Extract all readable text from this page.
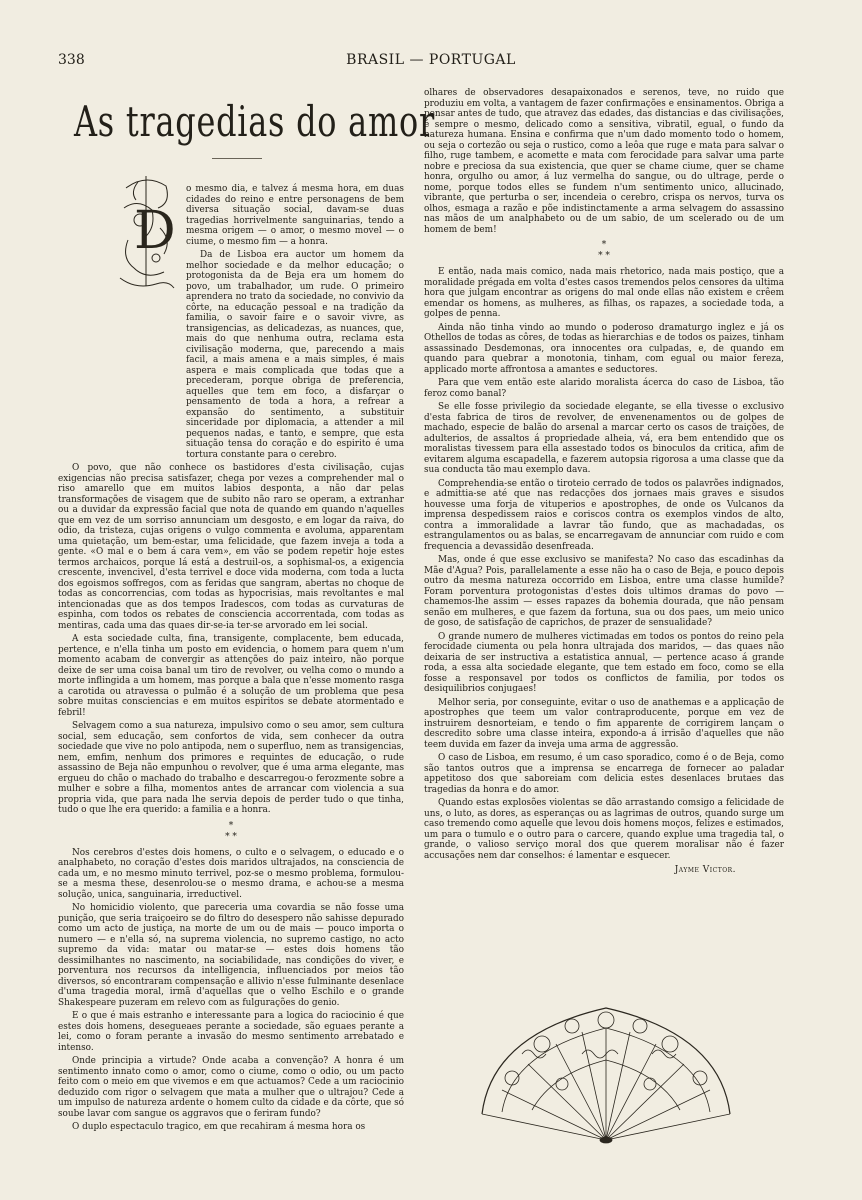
338	BRASIL — PORTUGAL
As tragedias do amor
D

o mesmo dia, e talvez á mesma hora, em duas cidades do reino e entre personagens de bem diversa situação social, davam-se duas tragedias horrivelmente sanguinarias, tendo a mesma origem — o amor, o mesmo movel — o ciume, o mesmo fim — a honra.

Da de Lisboa era auctor um homem da melhor sociedade e da melhor educação; o protogonista da de Beja era um homem do povo, um trabalhador, um rude. O primeiro aprendera no trato da sociedade, no convivio da côrte, na educação pessoal e na tradição da familia, o savoir faire e o savoir vivre, as transigencias, as delicadezas, as nuances, que, mais do que nenhuma outra, reclama esta civilisação moderna, que, parecendo a mais facil, a mais amena e a mais simples, é mais aspera e mais complicada que todas que a precederam, porque obriga de preferencia, aquelles que tem em foco, a disfarçar o pensamento de toda a hora, a refrear a expansão do sentimento, a substituir sinceridade por diplomacia, a attender a mil pequenos nadas, e tanto, e sempre, que esta situação tensa do coração e do espirito é uma tortura constante para o cerebro.

O povo, que não conhece os bastidores d'esta civilisação, cujas exigencias não precisa satisfazer, chega por vezes a comprehender mal o riso amarello que em muitos labios desponta, a não dar pelas transformações de visagem que de subito não raro se operam, a extranhar ou a duvidar da expressão facial que nota de quando em quando n'aquelles que em vez de um sorriso annunciam um desgosto, e em logar da raiva, do odio, da tristeza, cujas origens o vulgo commenta e avoluma, apparentam uma quietação, um bem-estar, uma felicidade, que fazem inveja a toda a gente. «O mal e o bem á cara vem», em vão se podem repetir hoje estes termos archaicos, porque lá está a destruil-os, a sophismal-os, a exigencia crescente, invencivel, d'esta terrivel e doce vida moderna, com toda a lucta dos egoismos soffregos, com as feridas que sangram, abertas no choque de todas as concorrencias, com todas as hypocrisias, mais revoltantes e mal intencionadas que as dos tempos Iradescos, com todas as curvaturas de espinha, com todos os rebates de consciencia accorrentada, com todas as mentiras, cada uma das quaes dir-se-ia ter-se arvorado em lei social.

A esta sociedade culta, fina, transigente, complacente, bem educada, pertence, e n'ella tinha um posto em evidencia, o homem para quem n'um momento acabam de convergir as attenções do paiz inteiro, não porque deixe de ser uma coisa banal um tiro de revolver, ou velha como o mundo a morte inflingida a um homem, mas porque a bala que n'esse momento rasga a carotida ou atravessa o pulmão é a solução de um problema que pesa sobre muitas consciencias e em muitos espiritos se debate atormentado e febril!

Selvagem como a sua natureza, impulsivo como o seu amor, sem cultura social, sem educação, sem confortos de vida, sem conhecer da outra sociedade que vive no polo antipoda, nem o superfluo, nem as transigencias, nem, emfim, nenhum dos primores e requintes de educação, o rude assassino de Beja não empunhou o revolver, que é uma arma elegante, mas ergueu do chão o machado do trabalho e descarregou-o ferozmente sobre a mulher e sobre a filha, momentos antes de arrancar com violencia a sua propria vida, que para nada lhe servia depois de perder tudo o que tinha, tudo o que lhe era querido: a familia e a honra.

*
* *

Nos cerebros d'estes dois homens, o culto e o selvagem, o educado e o analphabeto, no coração d'estes dois maridos ultrajados, na consciencia de cada um, e no mesmo minuto terrivel, poz-se o mesmo problema, formulou-se a mesma these, desenrolou-se o mesmo drama, e achou-se a mesma solução, unica, sanguinaria, irreductivel.

No homicidio violento, que pareceria uma covardia se não fosse uma punição, que seria traiçoeiro se do filtro do desespero não sahisse depurado como um acto de justiça, na morte de um ou de mais — pouco importa o numero — e n'ella só, na suprema violencia, no supremo castigo, no acto supremo da vida: matar ou matar-se — estes dois homens tão dessimilhantes no nascimento, na sociabilidade, nas condições do viver, e porventura nos recursos da intelligencia, influenciados por meios tão diversos, só encontraram compensação e allivio n'esse fulminante desenlace d'uma tragedia moral, irmã d'aquellas que o velho Eschilo e o grande Shakespeare puzeram em relevo com as fulgurações do genio.

E o que é mais estranho e interessante para a logica do raciocinio é que estes dois homens, desegueaes perante a sociedade, são eguaes perante a lei, como o foram perante a invasão do mesmo sentimento arrebatado e intenso.

Onde principia a virtude? Onde acaba a convenção? A honra é um sentimento innato como o amor, como o ciume, como o odio, ou um pacto feito com o meio em que vivemos e em que actuamos? Cede a um raciocinio deduzido com rigor o selvagem que mata a mulher que o ultrajou? Cede a um impulso de natureza ardente o homem culto da cidade e da côrte, que só soube lavar com sangue os aggravos que o feriram fundo?

O duplo espectaculo tragico, em que recahiram á mesma hora os

olhares de observadores desapaixonados e serenos, teve, no ruido que produziu em volta, a vantagem de fazer confirmações e ensinamentos. Obriga a pensar antes de tudo, que atravez das edades, das distancias e das civilisações, é sempre o mesmo, delicado como a sensitiva, vibratil, egual, o fundo da natureza humana. Ensina e confirma que n'um dado momento todo o homem, ou seja o cortezão ou seja o rustico, como a leôa que ruge e mata para salvar o filho, ruge tambem, e acomette e mata com ferocidade para salvar uma parte nobre e preciosa da sua existencia, que quer se chame ciume, quer se chame honra, orgulho ou amor, á luz vermelha do sangue, ou do ultrage, perde o nome, porque todos elles se fundem n'um sentimento unico, allucinado, vibrante, que perturba o ser, incendeia o cerebro, crispa os nervos, turva os olhos, esmaga a razão e põe indistinctamente a arma selvagem do assassino nas mãos de um analphabeto ou de um sabio, de um scelerado ou de um homem de bem!

*
* *

E então, nada mais comico, nada mais rhetorico, nada mais postiço, que a moralidade prégada em volta d'estes casos tremendos pelos censores da ultima hora que julgam encontrar as origens do mal onde ellas não existem e crêem emendar os homens, as mulheres, as filhas, os rapazes, a sociedade toda, a golpes de penna.

Ainda não tinha vindo ao mundo o poderoso dramaturgo inglez e já os Othellos de todas as côres, de todas as hierarchias e de todos os paizes, tinham assassinado Desdemonas, ora innocentes ora culpadas, e, de quando em quando para quebrar a monotonia, tinham, com egual ou maior fereza, applicado morte affrontosa a amantes e seductores.

Para que vem então este alarido moralista ácerca do caso de Lisboa, tão feroz como banal?

Se elle fosse privilegio da sociedade elegante, se ella tivesse o exclusivo d'esta fabrica de tiros de revolver, de envenenamentos ou de golpes de machado, especie de balão do arsenal a marcar certo os casos de traições, de adulterios, de assaltos á propriedade alheia, vá, era bem entendido que os moralistas tivessem para ella assestado todos os binoculos da critica, afim de evitarem alguma escapadella, e fazerem autopsia rigorosa a uma classe que da sua conducta tão mau exemplo dava.

Comprehendia-se então o tiroteio cerrado de todos os palavrões indignados, e admittia-se até que nas redacções dos jornaes mais graves e sisudos houvesse uma forja de vituperios e apostrophes, de onde os Vulcanos da imprensa despedissem raios e coriscos contra os exemplos vindos de alto, contra a immoralidade a lavrar tão fundo, que as machadadas, os estrangulamentos ou as balas, se encarregavam de annunciar com ruido e com frequencia a devassidão desenfreada.

Mas, onde é que esse exclusivo se manifesta? No caso das escadinhas da Mãe d'Agua? Pois, parallelamente a esse não ha o caso de Beja, e pouco depois outro da mesma natureza occorrido em Lisboa, entre uma classe humilde? Foram porventura protogonistas d'estes dois ultimos dramas do povo — chamemos-lhe assim — esses rapazes da bohemia dourada, que não pensam senão em mulheres, e que fazem da fortuna, sua ou dos paes, um meio unico de goso, de satisfação de caprichos, de prazer de sensualidade?

O grande numero de mulheres victimadas em todos os pontos do reino pela ferocidade ciumenta ou pela honra ultrajada dos maridos, — das quaes não deixaria de ser instructiva a estatistica annual, — pertence acaso á grande roda, a essa alta sociedade elegante, que tem estado em foco, como se ella fosse a responsavel por todos os conflictos de familia, por todos os desiquilibrios conjugaes!

Melhor seria, por conseguinte, evitar o uso de anathemas e a applicação de apostrophes que teem um valor contraproducente, porque em vez de instruirem desnorteiam, e tendo o fim apparente de corrigirem lançam o descredito sobre uma classe inteira, expondo-a á irrisão d'aquelles que não teem duvida em fazer da inveja uma arma de aggressão.

O caso de Lisboa, em resumo, é um caso sporadico, como é o de Beja, como são tantos outros que a imprensa se encarrega de fornecer ao paladar appetitoso dos que saboreiam com delicia estes desenlaces brutaes das tragedias da honra e do amor.

Quando estas explosões violentas se dão arrastando comsigo a felicidade de uns, o luto, as dores, as esperanças ou as lagrimas de outros, quando surge um caso tremendo como aquelle que levou dois homens moços, felizes e estimados, um para o tumulo e o outro para o carcere, quando explue uma tragedia tal, o grande, o valioso serviço moral dos que querem moralisar não é fazer accusações nem dar conselhos: é lamentar e esquecer.

Jayme Victor.
